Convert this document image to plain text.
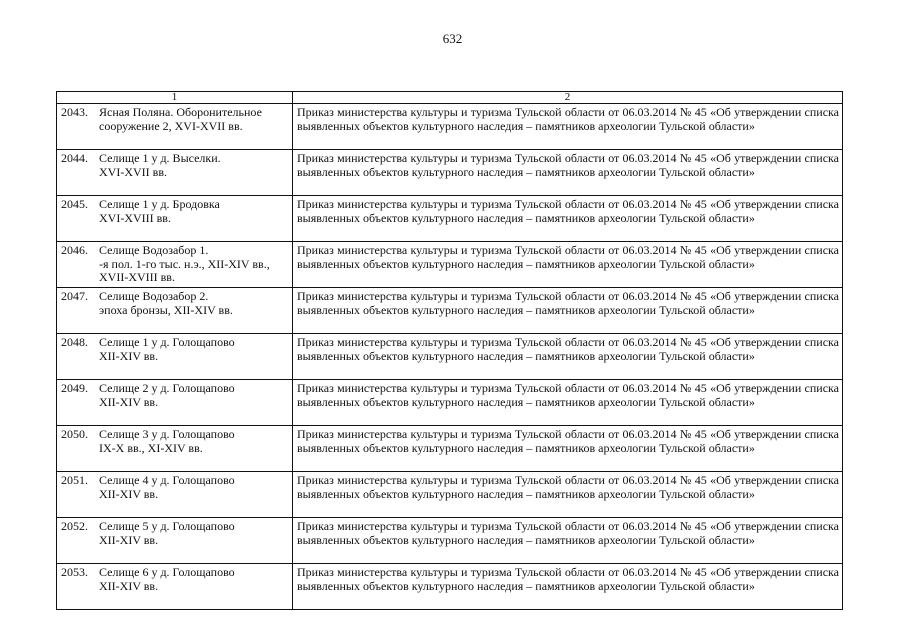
632
1	2

2043. Ясная Поляна. Оборонительное
сооружение 2, XVI-XVII вв.	Приказ министерства культуры и туризма Тульской области от 06.03.2014 № 45 «Об утверждении списка выявленных объектов культурного наследия – памятников археологии Тульской области»

2044. Селище 1 у д. Выселки.
XVI-XVII вв.	Приказ министерства культуры и туризма Тульской области от 06.03.2014 № 45 «Об утверждении списка выявленных объектов культурного наследия – памятников археологии Тульской области»

2045. Селище 1 у д. Бродовка
XVI-XVIII вв.	Приказ министерства культуры и туризма Тульской области от 06.03.2014 № 45 «Об утверждении списка выявленных объектов культурного наследия – памятников археологии Тульской области»

2046. Селище Водозабор 1.
-я пол. 1-го тыс. н.э., XII-XIV вв.,
XVII-XVIII вв.	Приказ министерства культуры и туризма Тульской области от 06.03.2014 № 45 «Об утверждении списка выявленных объектов культурного наследия – памятников археологии Тульской области»

2047. Селище Водозабор 2.
эпоха бронзы, XII-XIV вв.	Приказ министерства культуры и туризма Тульской области от 06.03.2014 № 45 «Об утверждении списка выявленных объектов культурного наследия – памятников археологии Тульской области»

2048. Селище 1 у д. Голощапово
XII-XIV вв.	Приказ министерства культуры и туризма Тульской области от 06.03.2014 № 45 «Об утверждении списка выявленных объектов культурного наследия – памятников археологии Тульской области»

2049. Селище 2 у д. Голощапово
XII-XIV вв.	Приказ министерства культуры и туризма Тульской области от 06.03.2014 № 45 «Об утверждении списка выявленных объектов культурного наследия – памятников археологии Тульской области»

2050. Селище 3 у д. Голощапово
IX-X вв., XI-XIV вв.	Приказ министерства культуры и туризма Тульской области от 06.03.2014 № 45 «Об утверждении списка выявленных объектов культурного наследия – памятников археологии Тульской области»

2051. Селище 4 у д. Голощапово
XII-XIV вв.	Приказ министерства культуры и туризма Тульской области от 06.03.2014 № 45 «Об утверждении списка выявленных объектов культурного наследия – памятников археологии Тульской области»

2052. Селище 5 у д. Голощапово
XII-XIV вв.	Приказ министерства культуры и туризма Тульской области от 06.03.2014 № 45 «Об утверждении списка выявленных объектов культурного наследия – памятников археологии Тульской области»

2053. Селище 6 у д. Голощапово
XII-XIV вв.	Приказ министерства культуры и туризма Тульской области от 06.03.2014 № 45 «Об утверждении списка выявленных объектов культурного наследия – памятников археологии Тульской области»
